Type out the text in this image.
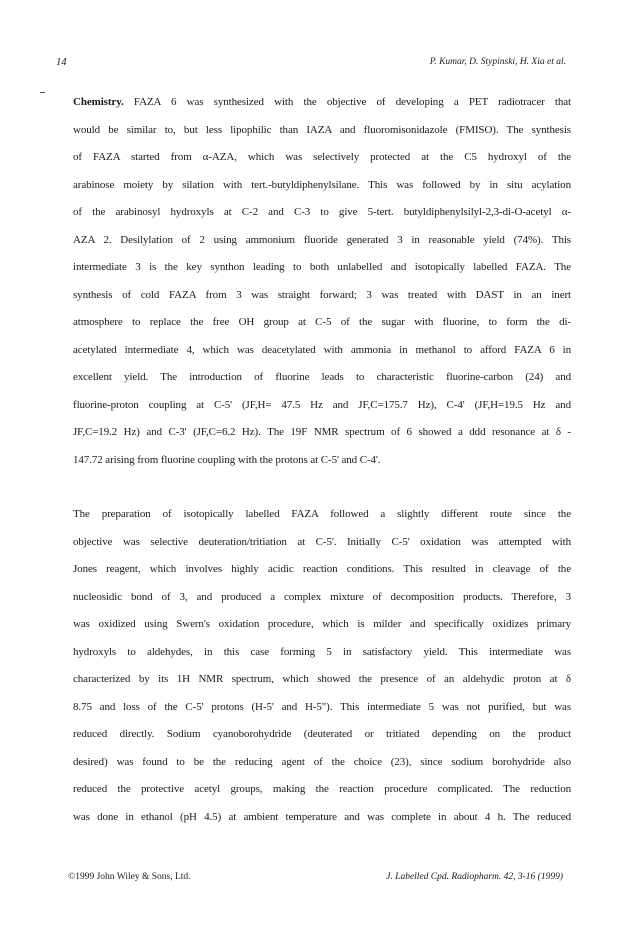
14	P. Kumar, D. Stypinski, H. Xia et al.
Chemistry. FAZA 6 was synthesized with the objective of developing a PET radiotracer that
would be similar to, but less lipophilic than IAZA and fluoromisonidazole (FMISO). The synthesis
of FAZA started from α-AZA, which was selectively protected at the C5 hydroxyl of the
arabinose moiety by silation with tert.-butyldiphenylsilane. This was followed by in situ acylation
of the arabinosyl hydroxyls at C-2 and C-3 to give 5-tert. butyldiphenylsilyl-2,3-di-O-acetyl α-
AZA 2. Desilylation of 2 using ammonium fluoride generated 3 in reasonable yield (74%). This
intermediate 3 is the key synthon leading to both unlabelled and isotopically labelled FAZA. The
synthesis of cold FAZA from 3 was straight forward; 3 was treated with DAST in an inert
atmosphere to replace the free OH group at C-5 of the sugar with fluorine, to form the di-
acetylated intermediate 4, which was deacetylated with ammonia in methanol to afford FAZA 6 in
excellent yield. The introduction of fluorine leads to characteristic fluorine-carbon (24) and
fluorine-proton coupling at C-5' (JF,H= 47.5 Hz and JF,C=175.7 Hz), C-4' (JF,H=19.5 Hz and
JF,C=19.2 Hz) and C-3' (JF,C=6.2 Hz). The 19F NMR spectrum of 6 showed a ddd resonance at δ -
147.72 arising from fluorine coupling with the protons at C-5' and C-4'.
The preparation of isotopically labelled FAZA followed a slightly different route since the
objective was selective deuteration/tritiation at C-5'. Initially C-5' oxidation was attempted with
Jones reagent, which involves highly acidic reaction conditions. This resulted in cleavage of the
nucleosidic bond of 3, and produced a complex mixture of decomposition products. Therefore, 3
was oxidized using Swern's oxidation procedure, which is milder and specifically oxidizes primary
hydroxyls to aldehydes, in this case forming 5 in satisfactory yield. This intermediate was
characterized by its 1H NMR spectrum, which showed the presence of an aldehydic proton at δ
8.75 and loss of the C-5' protons (H-5' and H-5"). This intermediate 5 was not purified, but was
reduced directly. Sodium cyanoborohydride (deuterated or tritiated depending on the product
desired) was found to be the reducing agent of the choice (23), since sodium borohydride also
reduced the protective acetyl groups, making the reaction procedure complicated. The reduction
was done in ethanol (pH 4.5) at ambient temperature and was complete in about 4 h. The reduced
©1999 John Wiley & Sons, Ltd.	J. Labelled Cpd. Radiopharm. 42, 3-16 (1999)
